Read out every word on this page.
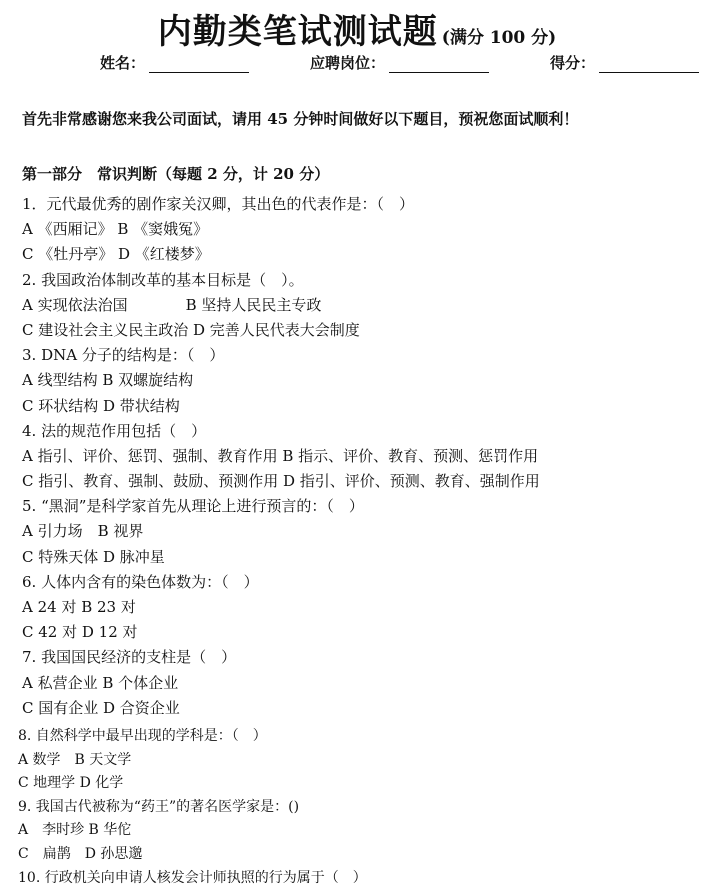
内勤类笔试测试题 (满分 100 分)
姓名：	应聘岗位：	得分：
首先非常感谢您来我公司面试，请用 45 分钟时间做好以下题目，预祝您面试顺利！
第一部分　常识判断（每题 2 分，计 20 分）
1．元代最优秀的剧作家关汉卿，其出色的代表作是：（　）
A 《西厢记》 B 《窦娥冤》
C 《牡丹亭》 D 《红楼梦》
2. 我国政治体制改革的基本目标是（　）。
A 实现依法治国	B 坚持人民民主专政
C 建设社会主义民主政治 D 完善人民代表大会制度
3. DNA 分子的结构是：（　）
A 线型结构 B 双螺旋结构
C 环状结构 D 带状结构
4. 法的规范作用包括（　）
A 指引、评价、惩罚、强制、教育作用 B 指示、评价、教育、预测、惩罚作用
C 指引、教育、强制、鼓励、预测作用 D 指引、评价、预测、教育、强制作用
5. “黑洞”是科学家首先从理论上进行预言的：（　）
A 引力场　B 视界
C 特殊天体 D 脉冲星
6. 人体内含有的染色体数为：（　）
A 24 对 B 23 对
C 42 对 D 12 对
7. 我国国民经济的支柱是（　）
A 私营企业 B 个体企业
C 国有企业 D 合资企业
8. 自然科学中最早出现的学科是：（　）
A 数学　B 天文学
C 地理学 D 化学
9. 我国古代被称为“药王”的著名医学家是：()
A　李时珍 B 华佗
C　扁鹊　D 孙思邈
10. 行政机关向申请人核发会计师执照的行为属于（　）
